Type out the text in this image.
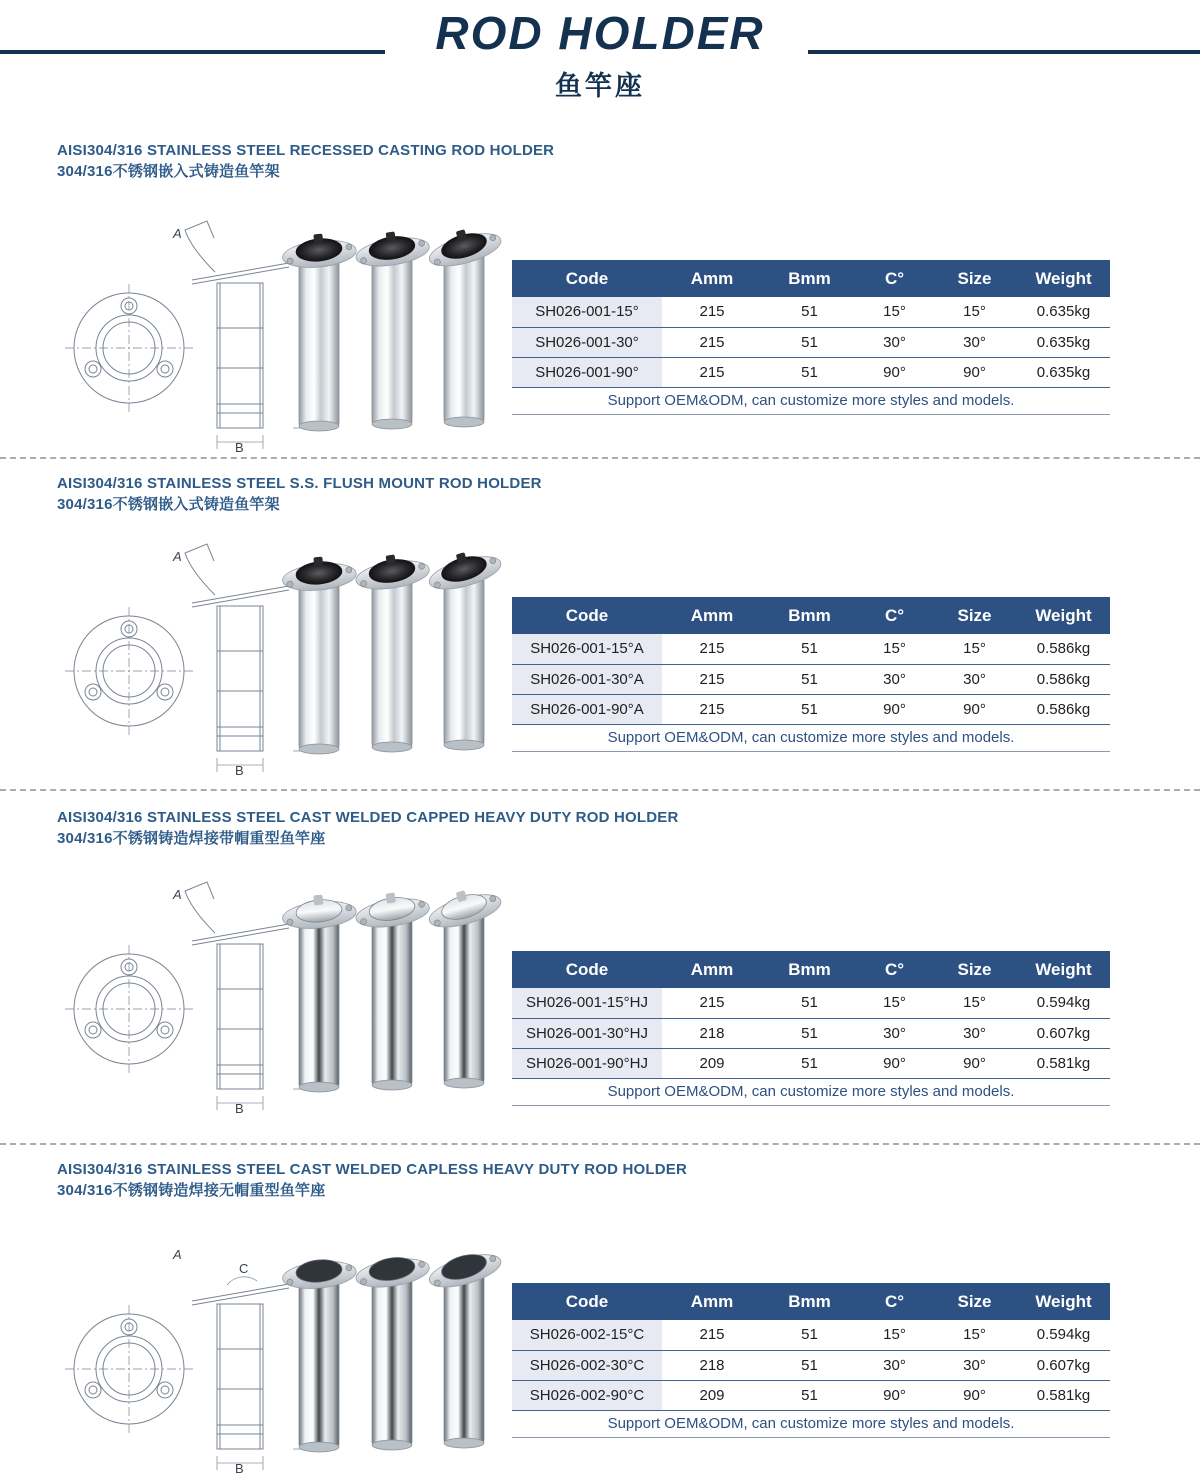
ROD HOLDER
鱼竿座
AISI304/316 STAINLESS STEEL RECESSED CASTING ROD HOLDER
304/316不锈钢嵌入式铸造鱼竿架
A
C
B
Code	Amm	Bmm	C°	Size	Weight
SH026-001-15°	215	51	15°	15°	0.635kg
SH026-001-30°	215	51	30°	30°	0.635kg
SH026-001-90°	215	51	90°	90°	0.635kg
Support OEM&ODM, can customize more styles and models.					
AISI304/316 STAINLESS STEEL S.S. FLUSH MOUNT ROD HOLDER
304/316不锈钢嵌入式铸造鱼竿架
A
C
B
Code	Amm	Bmm	C°	Size	Weight
SH026-001-15°A	215	51	15°	15°	0.586kg
SH026-001-30°A	215	51	30°	30°	0.586kg
SH026-001-90°A	215	51	90°	90°	0.586kg
Support OEM&ODM, can customize more styles and models.					
AISI304/316 STAINLESS STEEL CAST WELDED CAPPED HEAVY DUTY ROD HOLDER
304/316不锈钢铸造焊接带帽重型鱼竿座
A
C
B
Code	Amm	Bmm	C°	Size	Weight
SH026-001-15°HJ	215	51	15°	15°	0.594kg
SH026-001-30°HJ	218	51	30°	30°	0.607kg
SH026-001-90°HJ	209	51	90°	90°	0.581kg
Support OEM&ODM, can customize more styles and models.					
AISI304/316 STAINLESS STEEL CAST WELDED CAPLESS HEAVY DUTY ROD HOLDER
304/316不锈钢铸造焊接无帽重型鱼竿座
A
C
B
Code	Amm	Bmm	C°	Size	Weight
SH026-002-15°C	215	51	15°	15°	0.594kg
SH026-002-30°C	218	51	30°	30°	0.607kg
SH026-002-90°C	209	51	90°	90°	0.581kg
Support OEM&ODM, can customize more styles and models.					
